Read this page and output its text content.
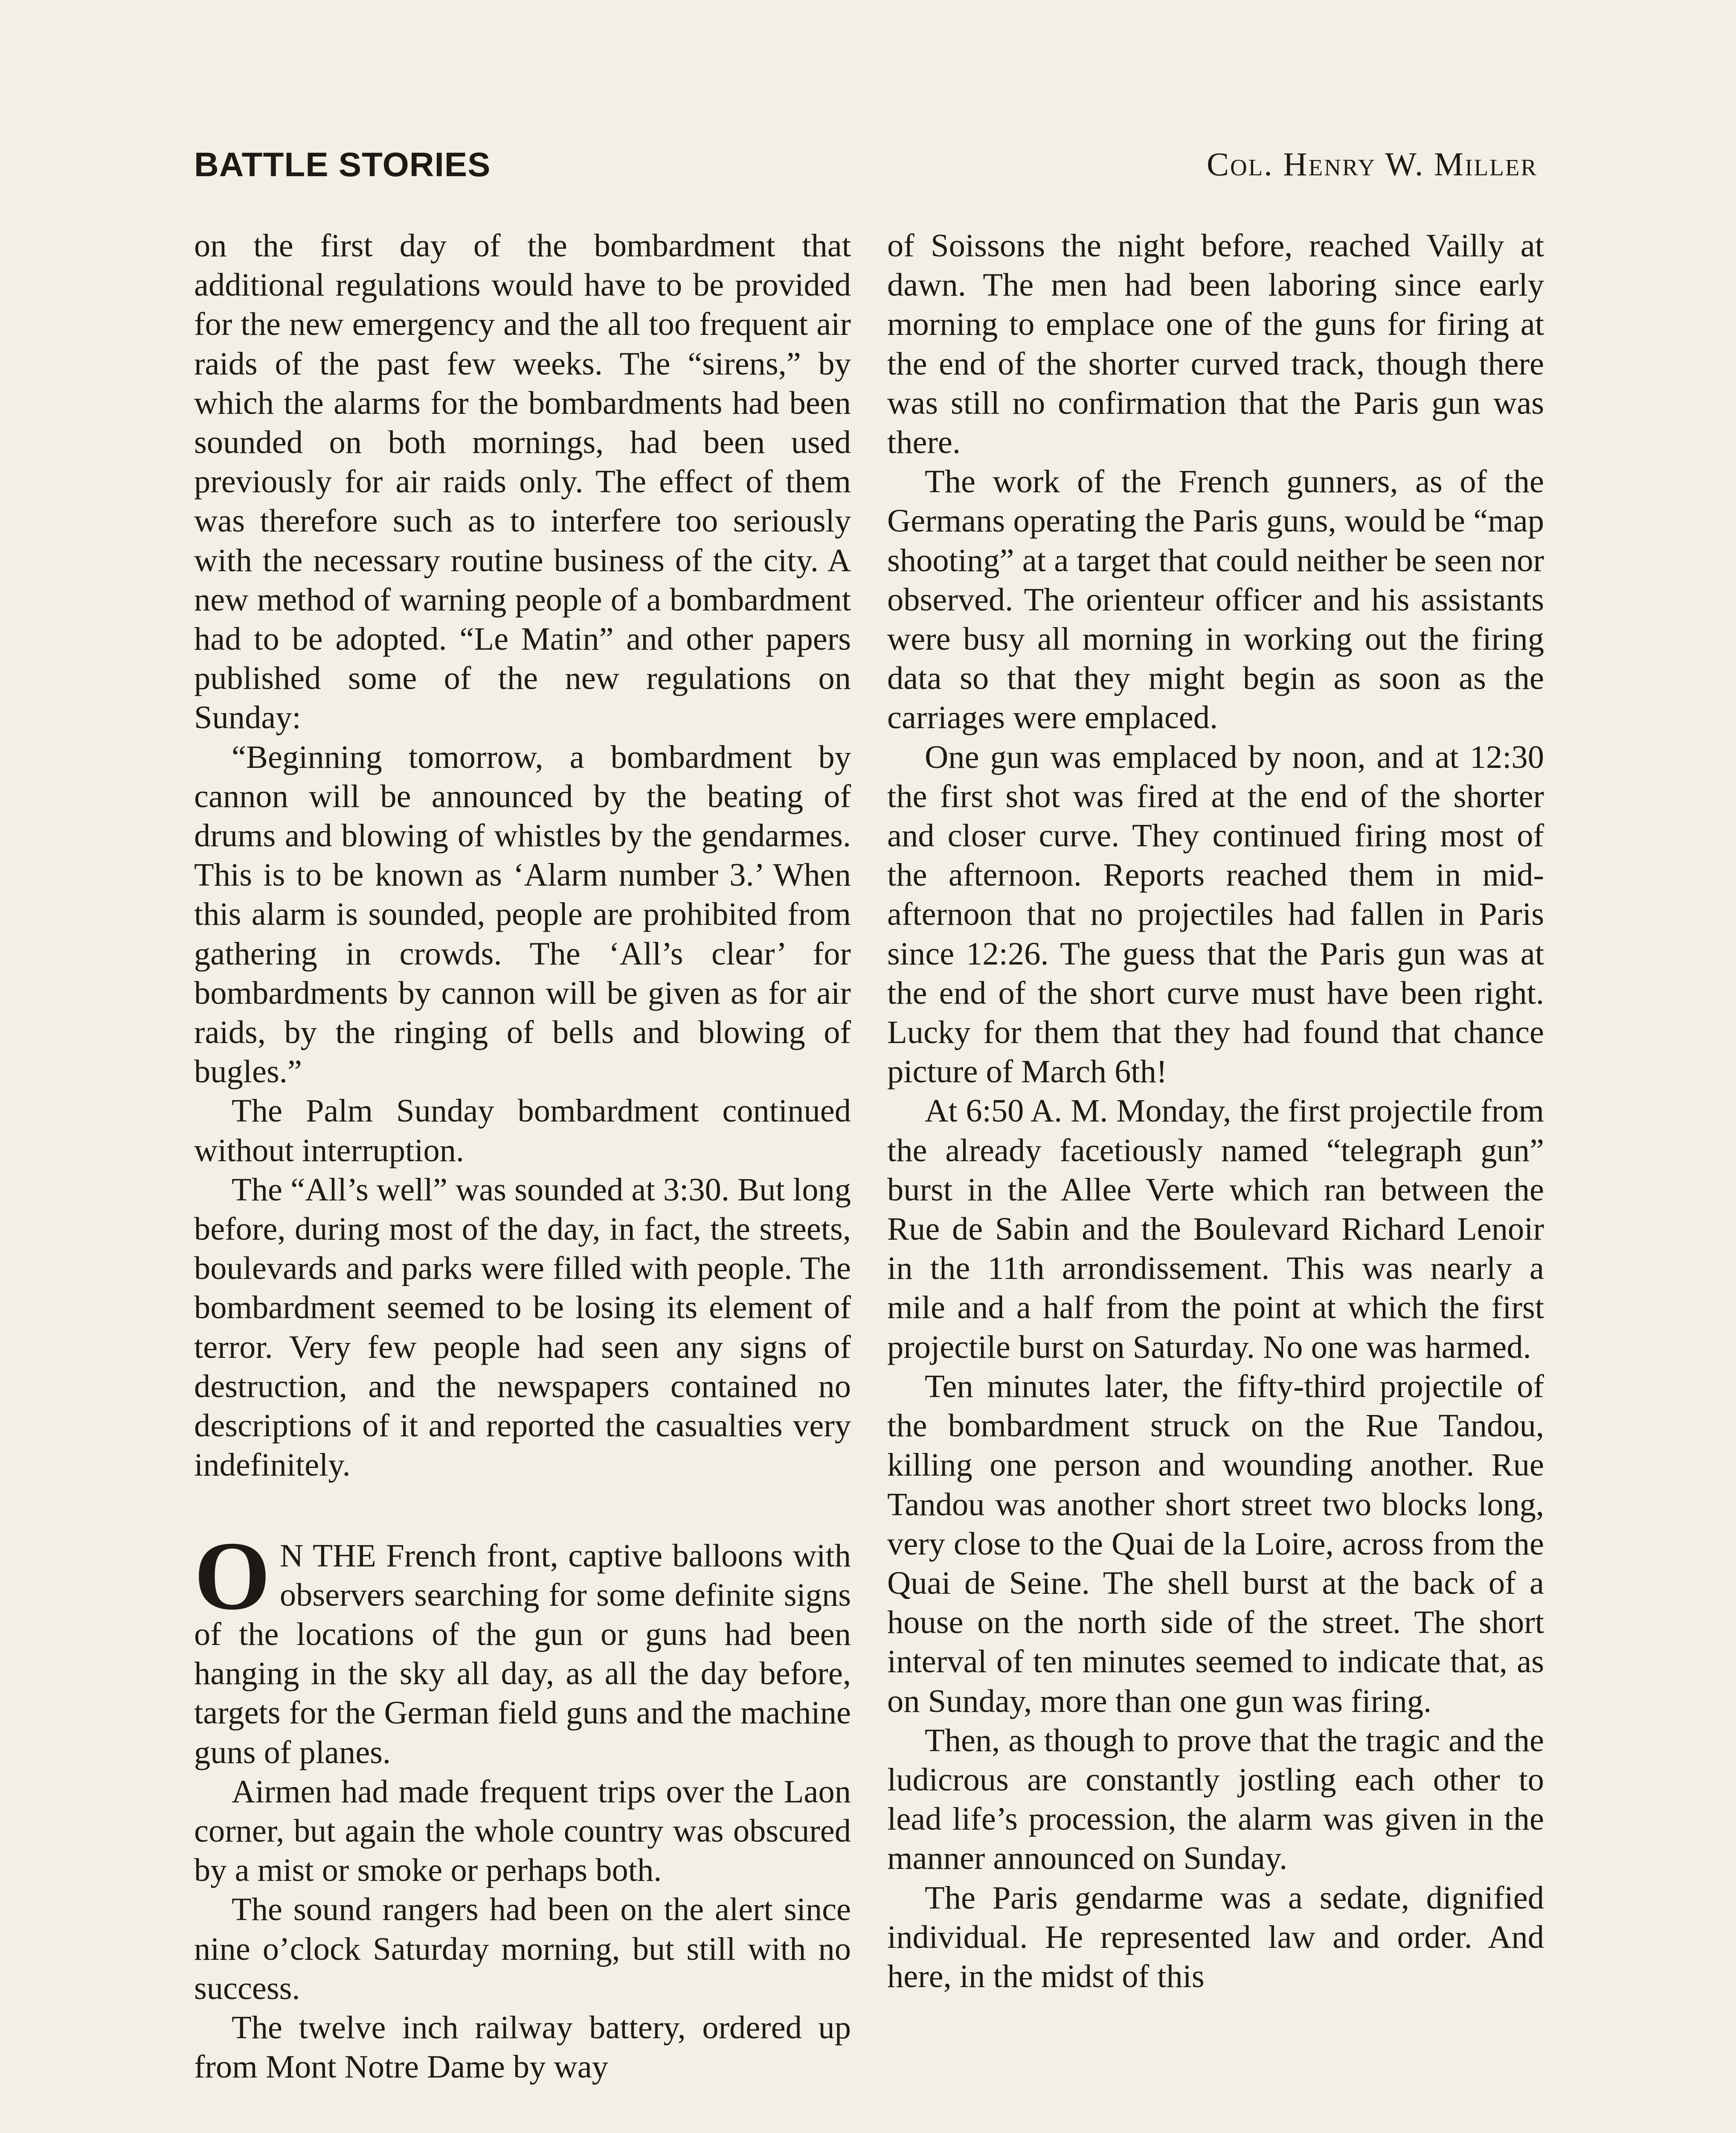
BATTLE STORIES	Col. Henry W. Miller

on the first day of the bombardment that additional regulations would have to be provided for the new emergency and the all too frequent air raids of the past few weeks. The “sirens,” by which the alarms for the bombardments had been sounded on both mornings, had been used previously for air raids only. The effect of them was therefore such as to interfere too seriously with the necessary routine business of the city. A new method of warning people of a bombardment had to be adopted. “Le Matin” and other papers published some of the new regulations on Sunday:

“Beginning tomorrow, a bombardment by cannon will be announced by the beating of drums and blowing of whistles by the gendarmes. This is to be known as ‘Alarm number 3.’ When this alarm is sounded, people are prohibited from gathering in crowds. The ‘All’s clear’ for bombardments by cannon will be given as for air raids, by the ringing of bells and blowing of bugles.”

The Palm Sunday bombardment continued without interruption.

The “All’s well” was sounded at 3:30. But long before, during most of the day, in fact, the streets, boulevards and parks were filled with people. The bombardment seemed to be losing its element of terror. Very few people had seen any signs of destruction, and the newspapers contained no descriptions of it and reported the casualties very indefinitely.

O N THE French front, captive balloons with observers searching for some definite signs of the locations of the gun or guns had been hanging in the sky all day, as all the day before, targets for the German field guns and the machine guns of planes.

Airmen had made frequent trips over the Laon corner, but again the whole country was obscured by a mist or smoke or perhaps both.

The sound rangers had been on the alert since nine o’clock Saturday morning, but still with no success.

The twelve inch railway battery, ordered up from Mont Notre Dame by way

of Soissons the night before, reached Vailly at dawn. The men had been laboring since early morning to emplace one of the guns for firing at the end of the shorter curved track, though there was still no confirmation that the Paris gun was there.

The work of the French gunners, as of the Germans operating the Paris guns, would be “map shooting” at a target that could neither be seen nor observed. The orienteur officer and his assistants were busy all morning in working out the firing data so that they might begin as soon as the carriages were emplaced.

One gun was emplaced by noon, and at 12:30 the first shot was fired at the end of the shorter and closer curve. They continued firing most of the afternoon. Reports reached them in mid-afternoon that no projectiles had fallen in Paris since 12:26. The guess that the Paris gun was at the end of the short curve must have been right. Lucky for them that they had found that chance picture of March 6th!

At 6:50 A. M. Monday, the first projectile from the already facetiously named “telegraph gun” burst in the Allee Verte which ran between the Rue de Sabin and the Boulevard Richard Lenoir in the 11th arrondissement. This was nearly a mile and a half from the point at which the first projectile burst on Saturday. No one was harmed.

Ten minutes later, the fifty-third projectile of the bombardment struck on the Rue Tandou, killing one person and wounding another. Rue Tandou was another short street two blocks long, very close to the Quai de la Loire, across from the Quai de Seine. The shell burst at the back of a house on the north side of the street. The short interval of ten minutes seemed to indicate that, as on Sunday, more than one gun was firing.

Then, as though to prove that the tragic and the ludicrous are constantly jostling each other to lead life’s procession, the alarm was given in the manner announced on Sunday.

The Paris gendarme was a sedate, dignified individual. He represented law and order. And here, in the midst of this
